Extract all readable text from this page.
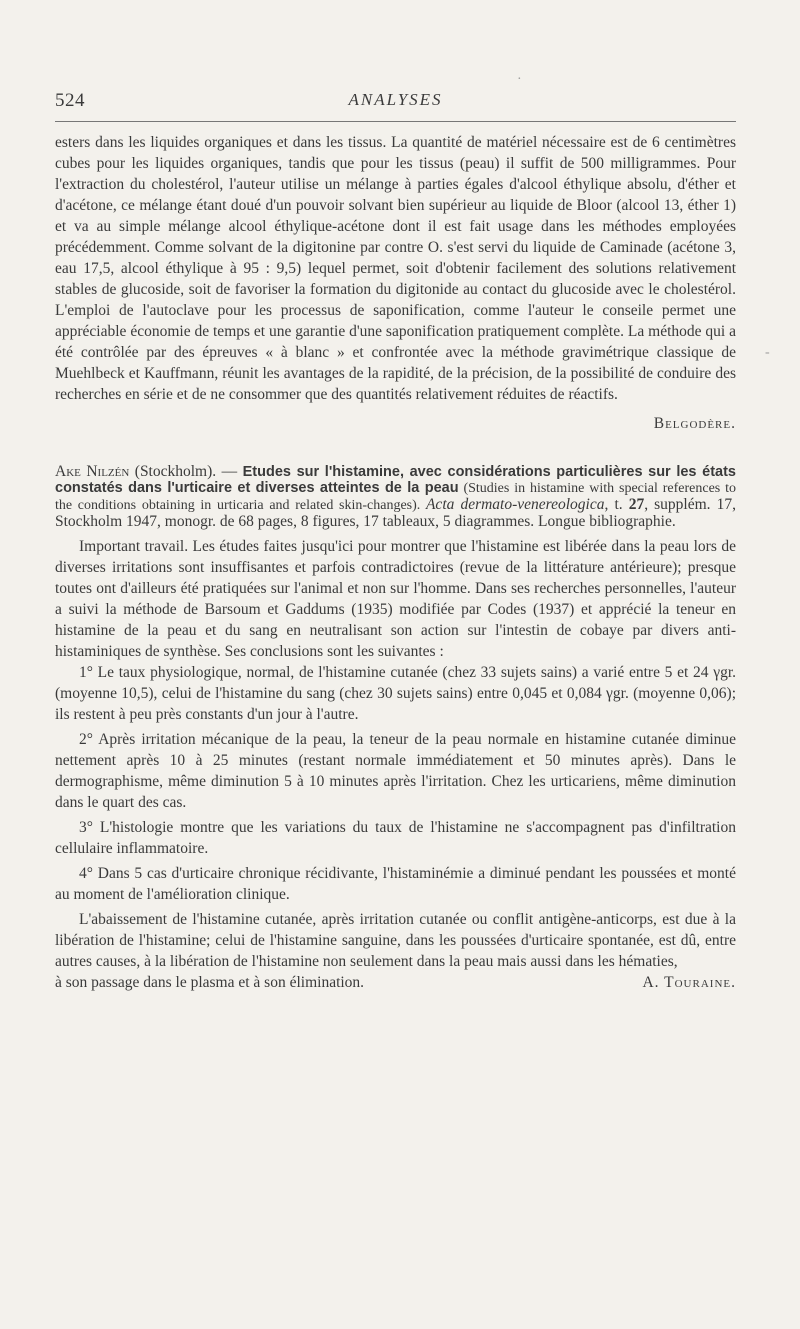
524	ANALYSES

esters dans les liquides organiques et dans les tissus. La quantité de matériel nécessaire est de 6 centimètres cubes pour les liquides organiques, tandis que pour les tissus (peau) il suffit de 500 milligrammes. Pour l'extraction du cholestérol, l'auteur utilise un mélange à parties égales d'alcool éthylique absolu, d'éther et d'acétone, ce mélange étant doué d'un pouvoir solvant bien supérieur au liquide de Bloor (alcool 13, éther 1) et va au simple mélange alcool éthylique-acétone dont il est fait usage dans les méthodes employées précédemment. Comme solvant de la digitonine par contre O. s'est servi du liquide de Caminade (acétone 3, eau 17,5, alcool éthylique à 95 : 9,5) lequel permet, soit d'obtenir facilement des solutions relativement stables de glucoside, soit de favoriser la formation du digitonide au contact du glucoside avec le cholestérol. L'emploi de l'autoclave pour les processus de saponification, comme l'auteur le conseile permet une appréciable économie de temps et une garantie d'une saponification pratiquement complète. La méthode qui a été contrôlée par des épreuves « à blanc » et confrontée avec la méthode gravimétrique classique de Muehlbeck et Kauffmann, réunit les avantages de la rapidité, de la précision, de la possibilité de conduire des recherches en série et de ne consommer que des quantités relativement réduites de réactifs.

Belgodère.

Ake Nilzén (Stockholm). — Etudes sur l'histamine, avec considérations particulières sur les états constatés dans l'urticaire et diverses atteintes de la peau (Studies in histamine with special references to the conditions obtaining in urticaria and related skin-changes). Acta dermato-venereologica, t. 27, supplém. 17, Stockholm 1947, monogr. de 68 pages, 8 figures, 17 tableaux, 5 diagrammes. Longue bibliographie.

Important travail. Les études faites jusqu'ici pour montrer que l'histamine est libérée dans la peau lors de diverses irritations sont insuffisantes et parfois contradictoires (revue de la littérature antérieure); presque toutes ont d'ailleurs été pratiquées sur l'animal et non sur l'homme. Dans ses recherches personnelles, l'auteur a suivi la méthode de Barsoum et Gaddums (1935) modifiée par Codes (1937) et apprécié la teneur en histamine de la peau et du sang en neutralisant son action sur l'intestin de cobaye par divers anti-histaminiques de synthèse. Ses conclusions sont les suivantes :

1° Le taux physiologique, normal, de l'histamine cutanée (chez 33 sujets sains) a varié entre 5 et 24 γgr. (moyenne 10,5), celui de l'histamine du sang (chez 30 sujets sains) entre 0,045 et 0,084 γgr. (moyenne 0,06); ils restent à peu près constants d'un jour à l'autre.

2° Après irritation mécanique de la peau, la teneur de la peau normale en histamine cutanée diminue nettement après 10 à 25 minutes (restant normale immédiatement et 50 minutes après). Dans le dermographisme, même diminution 5 à 10 minutes après l'irritation. Chez les urticariens, même diminution dans le quart des cas.

3° L'histologie montre que les variations du taux de l'histamine ne s'accompagnent pas d'infiltration cellulaire inflammatoire.

4° Dans 5 cas d'urticaire chronique récidivante, l'histaminémie a diminué pendant les poussées et monté au moment de l'amélioration clinique.

L'abaissement de l'histamine cutanée, après irritation cutanée ou conflit antigène-anticorps, est due à la libération de l'histamine; celui de l'histamine sanguine, dans les poussées d'urticaire spontanée, est dû, entre autres causes, à la libération de l'histamine non seulement dans la peau mais aussi dans les hématies,

à son passage dans le plasma et à son élimination.	A. Touraine.

·
-
